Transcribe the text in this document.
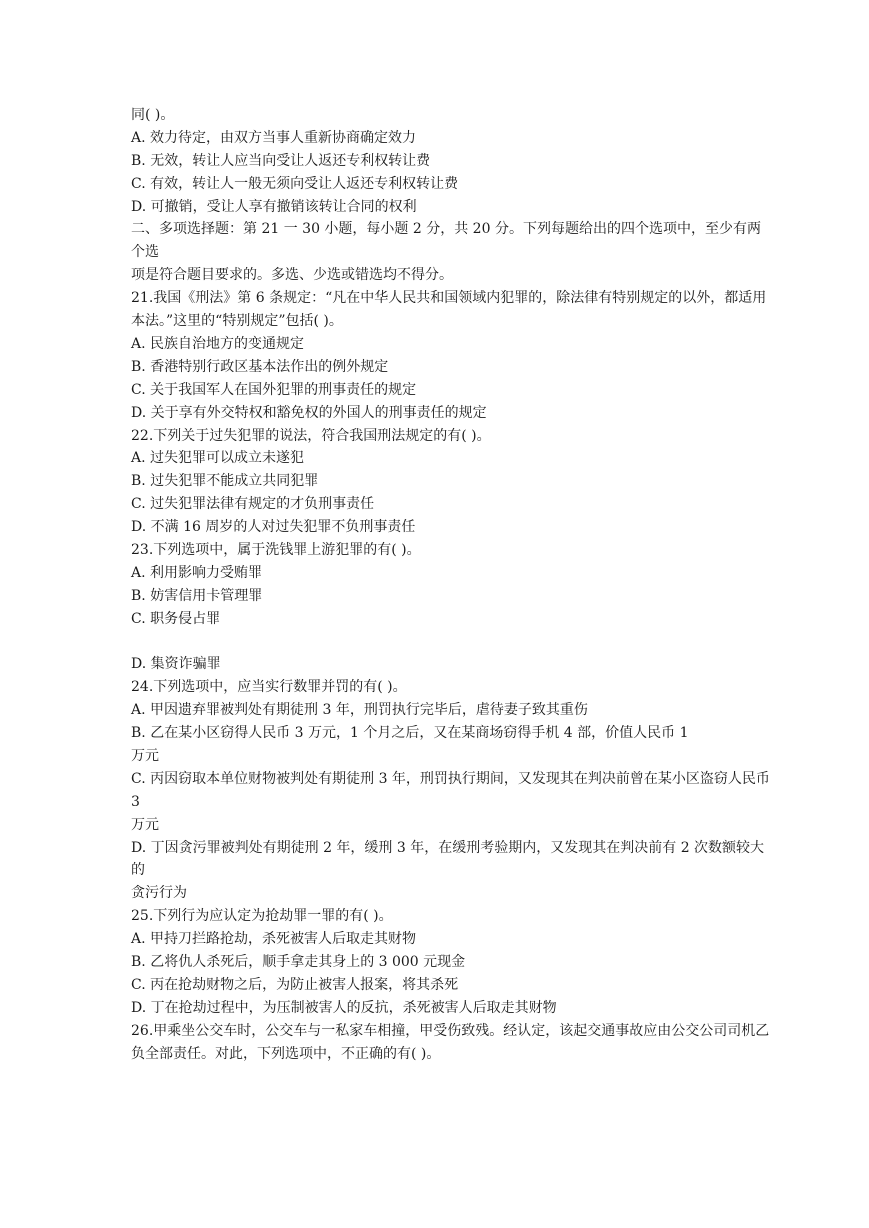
同( )。
A. 效力待定，由双方当事人重新协商确定效力
B. 无效，转让人应当向受让人返还专利权转让费
C. 有效，转让人一般无须向受让人返还专利权转让费
D. 可撤销，受让人享有撤销该转让合同的权利
二、多项选择题：第 21 一 30 小题，每小题 2 分，共 20 分。下列每题给出的四个选项中，至少有两个选
项是符合题目要求的。多选、少选或错选均不得分。
21.我国《刑法》第 6 条规定：“凡在中华人民共和国领域内犯罪的，除法律有特别规定的以外，都适用
本法。”这里的“特别规定”包括( )。
A. 民族自治地方的变通规定
B. 香港特别行政区基本法作出的例外规定
C. 关于我国军人在国外犯罪的刑事责任的规定
D. 关于享有外交特权和豁免权的外国人的刑事责任的规定
22.下列关于过失犯罪的说法，符合我国刑法规定的有( )。
A. 过失犯罪可以成立未遂犯
B. 过失犯罪不能成立共同犯罪
C. 过失犯罪法律有规定的才负刑事责任
D. 不满 16 周岁的人对过失犯罪不负刑事责任
23.下列选项中，属于洗钱罪上游犯罪的有( )。
A. 利用影响力受贿罪
B. 妨害信用卡管理罪
C. 职务侵占罪
D. 集资诈骗罪
24.下列选项中，应当实行数罪并罚的有( )。
A. 甲因遗弃罪被判处有期徒刑 3 年，刑罚执行完毕后，虐待妻子致其重伤
B. 乙在某小区窃得人民币 3 万元，1 个月之后，又在某商场窃得手机 4 部，价值人民币 1
万元
C. 丙因窃取本单位财物被判处有期徒刑 3 年，刑罚执行期间，又发现其在判决前曾在某小区盗窃人民币 3
万元
D. 丁因贪污罪被判处有期徒刑 2 年，缓刑 3 年，在缓刑考验期内，又发现其在判决前有 2 次数额较大的
贪污行为
25.下列行为应认定为抢劫罪一罪的有( )。
A. 甲持刀拦路抢劫，杀死被害人后取走其财物
B. 乙将仇人杀死后，顺手拿走其身上的 3 000 元现金
C. 丙在抢劫财物之后，为防止被害人报案，将其杀死
D. 丁在抢劫过程中，为压制被害人的反抗，杀死被害人后取走其财物
26.甲乘坐公交车时，公交车与一私家车相撞，甲受伤致残。经认定，该起交通事故应由公交公司司机乙
负全部责任。对此，下列选项中，不正确的有( )。
